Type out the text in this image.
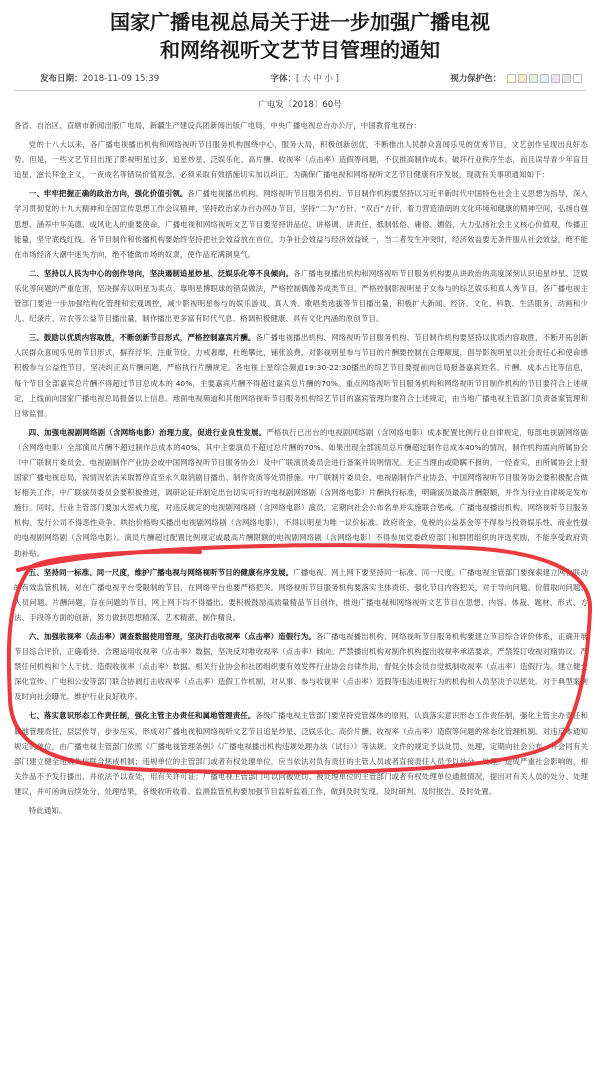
国家广播电视总局关于进一步加强广播电视
和网络视听文艺节目管理的通知
发布日期：2018-11-09 15:39	字体：[ 大 中 小 ]	视力保护色：
广电发〔2018〕60号

各省、自治区、直辖市新闻出版广电局，新疆生产建设兵团新闻出版广电局，中央广播电视总台办公厅，中国教育电视台：

党的十八大以来，各广播电视播出机构和网络视听节目服务机构围绕中心、服务大局，积极创新创优，不断推出人民群众喜闻乐见的优秀节目，文艺创作呈现出良好态势。但是，一些文艺节目出现了影视明星过多、追星炒星、泛娱乐化、高片酬、收视率（点击率）造假等问题，不仅推高制作成本、破坏行业秩序生态，而且误导青少年盲目追星，滋长拜金主义，一夜成名等错误价值观念，必须采取有效措施切实加以纠正。为确保广播电视和网络视听文艺节目健康有序发展，现就有关事项通知如下：

一、牢牢把握正确的政治方向，强化价值引领。各广播电视播出机构、网络视听节目服务机构、节目制作机构要坚持以习近平新时代中国特色社会主义思想为指导，深入学习贯彻党的十九大精神和全国宣传思想工作会议精神，坚持政治家办台办网办节目，坚持“二为”方针、“双百”方针，着力营造清朗的文化环境和健康的精神空间，弘扬自强思想、涵养中华美德、成风化人的重要使命。广播电视和网络视听文艺节目要坚持讲品位、讲格调、讲责任，抵制低俗、庸俗、媚俗，大力弘扬社会主义核心价值观，传播正能量，坚守底线红线。各节目制作和传播机构要始终坚持把社会效益放在首位，力争社会效益与经济效益统一，当二者发生冲突时，经济效益要无条件服从社会效益，绝不能在市场经济大潮中迷失方向，绝不能做市场的奴隶，使作品充满铜臭气。

二、坚持以人民为中心的创作导向，坚决遏制追星炒星、泛娱乐化等不良倾向。各广播电视播出机构和网络视听节目服务机构要从讲政治的高度深刻认识追星炒星、泛娱乐化等问题的严重危害，坚决摒弃以明星为卖点、靠明星博眼球的错误做法，严格控制偶像养成类节目，严格控制影视明星子女参与的综艺娱乐和真人秀节目。各广播电视主管部门要进一步加强结构化管理和宏观调控，减少影视明星参与的娱乐游戏、真人秀、歌唱类选拔等节目播出量，积极扩大新闻、经济、文化、科教、生活服务、动画和少儿、纪录片、对农等公益节目播出量，制作播出更多富有时代气息、格调积极健康、具有文化内涵的原创节目。

三、鼓励以优质内容取胜，不断创新节目形式，严格控制嘉宾片酬。各广播电视播出机构、网络视听节目服务机构、节目制作机构要坚持以优质内容取胜，不断开拓创新人民群众喜闻乐见的节目形式，摒弃浮华，注重节俭，力戒奢靡，杜绝攀比，铺张浪费，对影视明星参与节目的片酬要控制在合理额度，倡导影视明星以社会责任心和使命感积极参与公益性节目，坚决纠正高片酬问题，严格执行片酬规定。各电视上星综合频道19:30-22:30播出的综艺节目要提前向总局报备嘉宾姓名、片酬、成本占比等信息，每个节目全部嘉宾总片酬不得超过节目总成本的 40%，主要嘉宾片酬不得超过嘉宾总片酬的70%。重点网络视听节目服务机构和网络视听节目制作机构的节目要符合上述规定，上线前向国家广播电视总局报备以上信息。地面电视频道和其他网络视听节目服务机构综艺节目的嘉宾管理均要符合上述规定，由当地广播电视主管部门负责备案管理和日常监督。

四、加强电视剧网络剧（含网络电影）治理力度，促进行业良性发展。严格执行已出台的电视剧网络剧（含网络电影）成本配置比例行业自律规定，每部电视剧网络剧（含网络电影）全部演员片酬不超过制作总成本的40%，其中主要演员不超过总片酬的70%。如果出现全部演员总片酬超过制作总成本40%的情况，制作机构需向所属协会（中广联制片委员会、电视剧制作产业协会或中国网络视听节目服务协会）及中广联演员委员会进行备案并说明情况。无正当理由或隐瞒不报的，一经查实，由所属协会上报国家广播电视总局，视情况依法采取暂停直至永久取消剧目播出、制作资质等处罚措施。中广联制片委员会、电视剧制作产业协会、中国网络视听节目服务协会要积极配合做好相关工作，中广联演员委员会要积极推进，调研论证并制定出台切实可行的电视剧网络剧（含网络电影）片酬执行标准，明确演员最高片酬限额，并作为行业自律规定发布施行。同时，行业主管部门要加大惩戒力度，对违反规定的电视剧网络剧（含网络电影）演员，定期向社会公布名单并实施联合惩戒。广播电视播出机构、网络视听节目服务机构、发行公司不得恶性竞争、哄抬价格购买播出电视剧网络剧（含网络电影），不得以明星为唯一议价标准。政府资金、免税的公益基金等不得参与投资娱乐性、商业性强的电视剧网络剧（含网络电影）。演员片酬超过配置比例规定或最高片酬限额的电视剧网络剧（含网络电影）不得参加党委政府部门和群团组织的评选奖励，不能享受政府资助补贴。

五、坚持同一标准、同一尺度，维护广播电视与网络视听节目的健康有序发展。广播电视、网上网下要坚持同一标准、同一尺度。广播电视主管部门要探索建立网台联动的有效监管机制，对在广播电视平台受限制的节目，在网络平台也要严格把关。网络视听节目服务机构要落实主体责任，强化节目内容把关，对于导向问题、价值取向问题、人员问题、片酬问题，存在问题的节目，网上网下均不得播出。要积极鼓励高质量精品节目创作，推进广播电视和网络视听文艺节目在思想、内容、体裁、题材、形式、方法、手段等方面的创新，努力做到思想精深、艺术精湛、制作精良。

六、加强收视率（点击率）调查数据使用管理，坚决打击收视率（点击率）造假行为。各广播电视播出机构、网络视听节目服务机构要建立节目综合评价体系，正确开展节目综合评价，正确看待、合理运用收视率（点击率）数据，坚决反对唯收视率（点击率）倾向。严禁播出机构对制作机构提出收视率承诺要求，严禁签订收视对赌协议。严禁任何机构和个人干扰、造假收视率（点击率）数据。相关行业协会和社团组织要有效发挥行业协会自律作用，督促全体会员自觉抵制收视率（点击率）造假行为。建立健全深化宣传、广电和公安等部门联合协调打击收视率（点击率）造假工作机制，对从事、参与收视率（点击率）造假等违法违规行为的机构和人员坚决予以惩处。对于典型案例及时向社会曝光，维护行业良好秩序。

七、落实意识形态工作责任制，强化主管主办责任和属地管理责任。各级广播电视主管部门要坚持党管媒体的原则，认真落实意识形态工作责任制，强化主管主办责任和属地管理责任，层层传导，步步压实，形成对广播电视和网络视听文艺节目追星炒星、泛娱乐化、高价片酬、收视率（点击率）造假等问题的常态化管理机制。对违反本通知规定的单位，由广播电视主管部门依照《广播电视管理条例》《广播电视播出机构违规处理办法（试行）》等法规、文件的规定予以处罚、处理，定期向社会公布，并会同有关部门建立健全违规失信联合惩戒机制；违规单位的主管部门或者有权处理单位，应当依法对负有责任的主管人员或者直接责任人员予以处分、处理。造成严重社会影响的，相关作品不予发行播出，并依法予以查处，用有关许可证；广播电视主管部门可以向被处罚、被处理单位的主管部门或者有权处理单位通报情况，提出对有关人员的处分、处理建议，并可函询后续处分、处理结果，各级收听收看、监测监管机构要加强节目监听监看工作，做到及时发现、及时研判、及时报告、及时处置。

特此通知。
